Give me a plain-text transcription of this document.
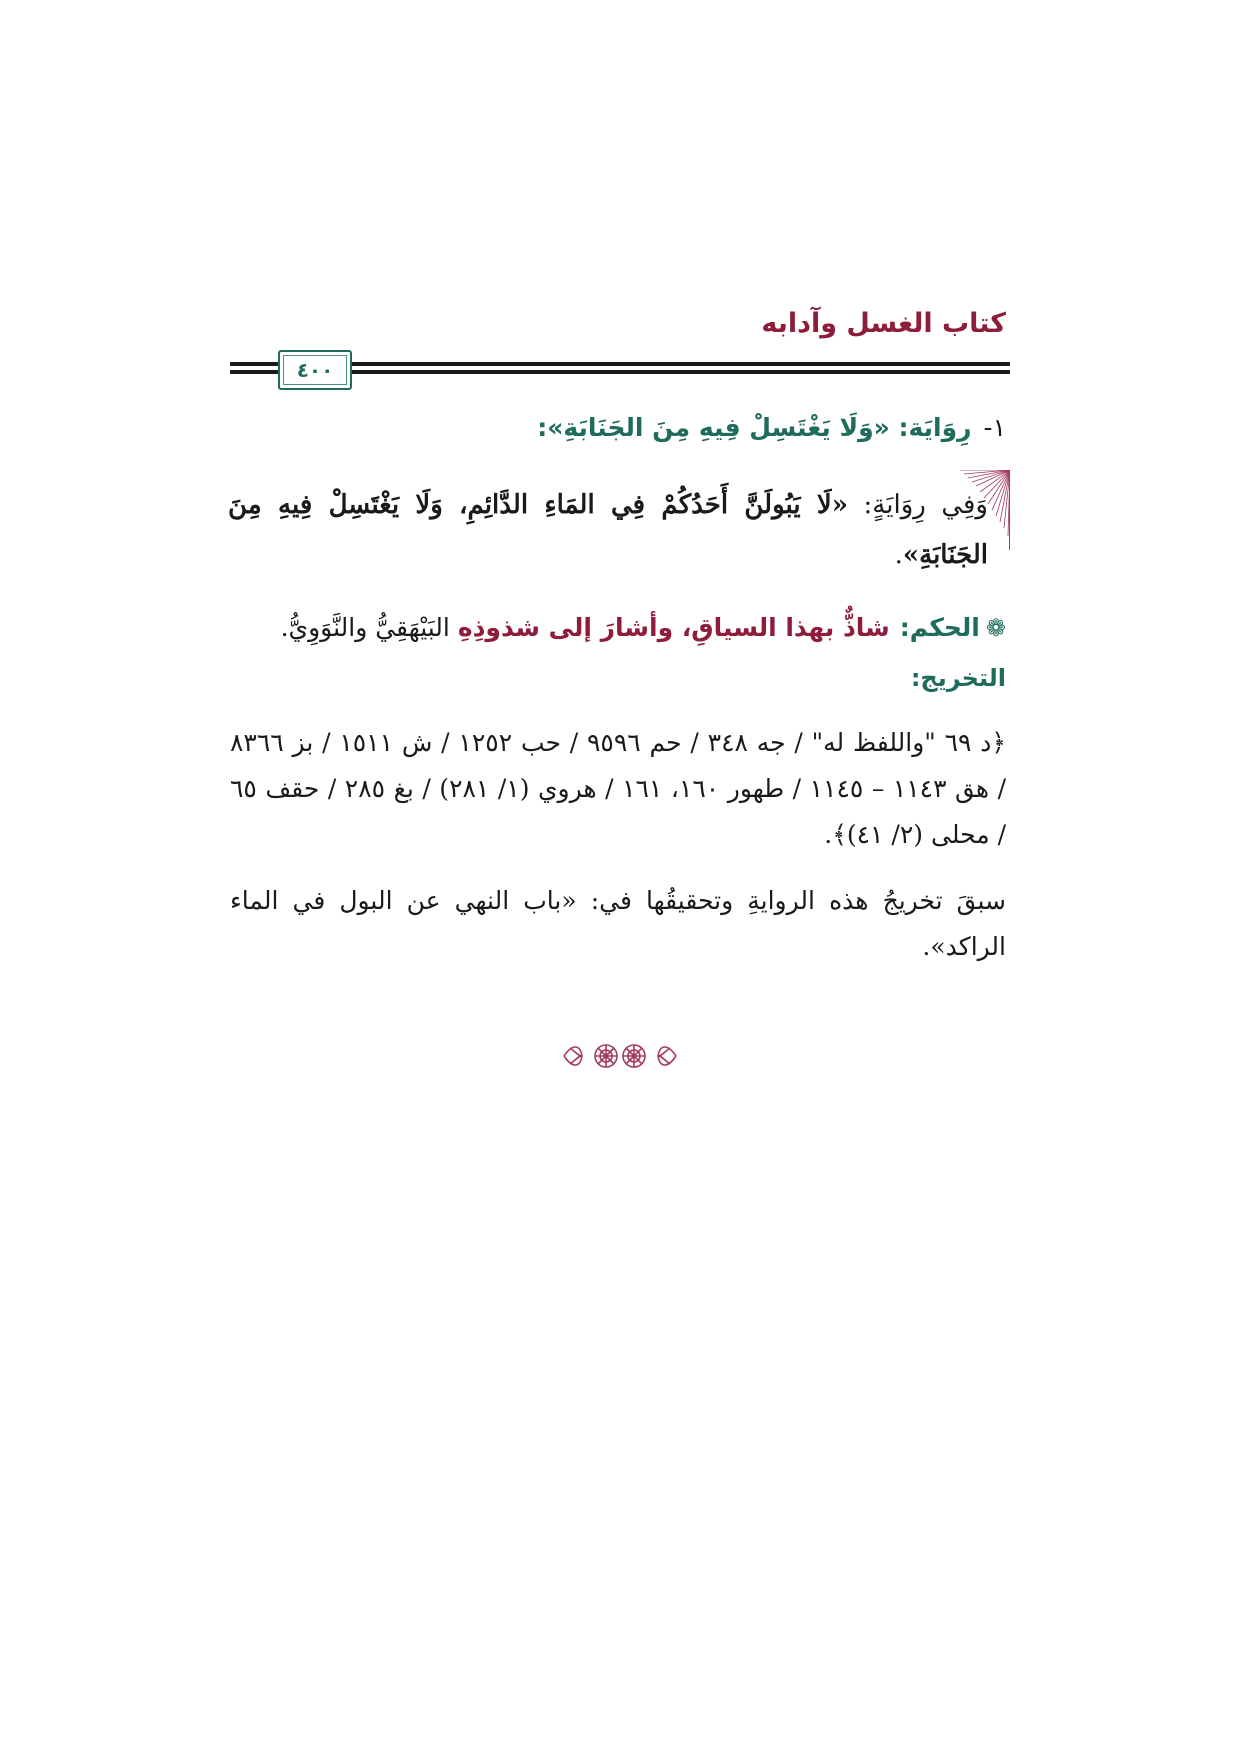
كتاب الغسل وآدابه
٤٠٠
١-رِوَايَة: «وَلَا يَغْتَسِلْ فِيهِ مِنَ الجَنَابَةِ»:
وَفِي رِوَايَةٍ: «لَا يَبُولَنَّ أَحَدُكُمْ فِي المَاءِ الدَّائِمِ، وَلَا يَغْتَسِلْ فِيهِ مِنَ الجَنَابَةِ».
❁الحكم:شاذٌّ بهذا السياقِ، وأشارَ إلى شذوذِهِ البَيْهَقِيُّ والنَّوَوِيُّ.
التخريج:
﴿د ٦٩ "واللفظ له" / جه ٣٤٨ / حم ٩٥٩٦ / حب ١٢٥٢ / ش ١٥١١ / بز ٨٣٦٦ / هق ١١٤٣ – ١١٤٥ / طهور ١٦٠، ١٦١ / هروي (١/ ٢٨١) / بغ ٢٨٥ / حقف ٦٥ / محلى (٢/ ٤١)﴾.
سبقَ تخريجُ هذه الروايةِ وتحقيقُها في: «باب النهي عن البول في الماء الراكد».
